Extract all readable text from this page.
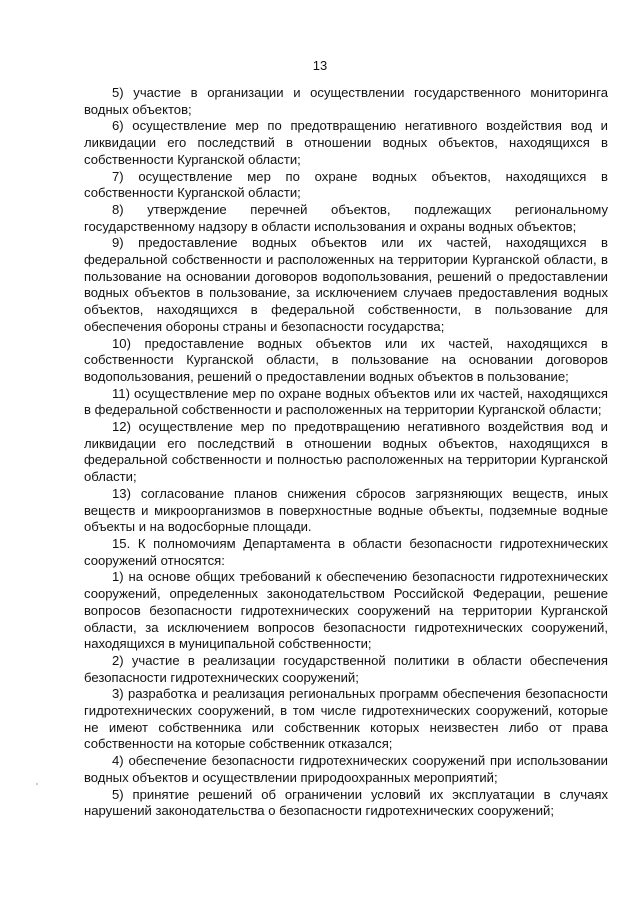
13

5) участие в организации и осуществлении государственного мониторинга водных объектов;

6) осуществление мер по предотвращению негативного воздействия вод и ликвидации его последствий в отношении водных объектов, находящихся в собственности Курганской области;

7) осуществление мер по охране водных объектов, находящихся в собственности Курганской области;

8) утверждение перечней объектов, подлежащих региональному государственному надзору в области использования и охраны водных объектов;

9) предоставление водных объектов или их частей, находящихся в федеральной собственности и расположенных на территории Курганской области, в пользование на основании договоров водопользования, решений о предоставлении водных объектов в пользование, за исключением случаев предоставления водных объектов, находящихся в федеральной собственности, в пользование для обеспечения обороны страны и безопасности государства;

10) предоставление водных объектов или их частей, находящихся в собственности Курганской области, в пользование на основании договоров водопользования, решений о предоставлении водных объектов в пользование;

11) осуществление мер по охране водных объектов или их частей, находящихся в федеральной собственности и расположенных на территории Курганской области;

12) осуществление мер по предотвращению негативного воздействия вод и ликвидации его последствий в отношении водных объектов, находящихся в федеральной собственности и полностью расположенных на территории Курганской области;

13) согласование планов снижения сбросов загрязняющих веществ, иных веществ и микроорганизмов в поверхностные водные объекты, подземные водные объекты и на водосборные площади.

15. К полномочиям Департамента в области безопасности гидротехнических сооружений относятся:

1) на основе общих требований к обеспечению безопасности гидротехнических сооружений, определенных законодательством Российской Федерации, решение вопросов безопасности гидротехнических сооружений на территории Курганской области, за исключением вопросов безопасности гидротехнических сооружений, находящихся в муниципальной собственности;

2) участие в реализации государственной политики в области обеспечения безопасности гидротехнических сооружений;

3) разработка и реализация региональных программ обеспечения безопасности гидротехнических сооружений, в том числе гидротехнических сооружений, которые не имеют собственника или собственник которых неизвестен либо от права собственности на которые собственник отказался;

4) обеспечение безопасности гидротехнических сооружений при использовании водных объектов и осуществлении природоохранных мероприятий;

5) принятие решений об ограничении условий их эксплуатации в случаях нарушений законодательства о безопасности гидротехнических сооружений;
